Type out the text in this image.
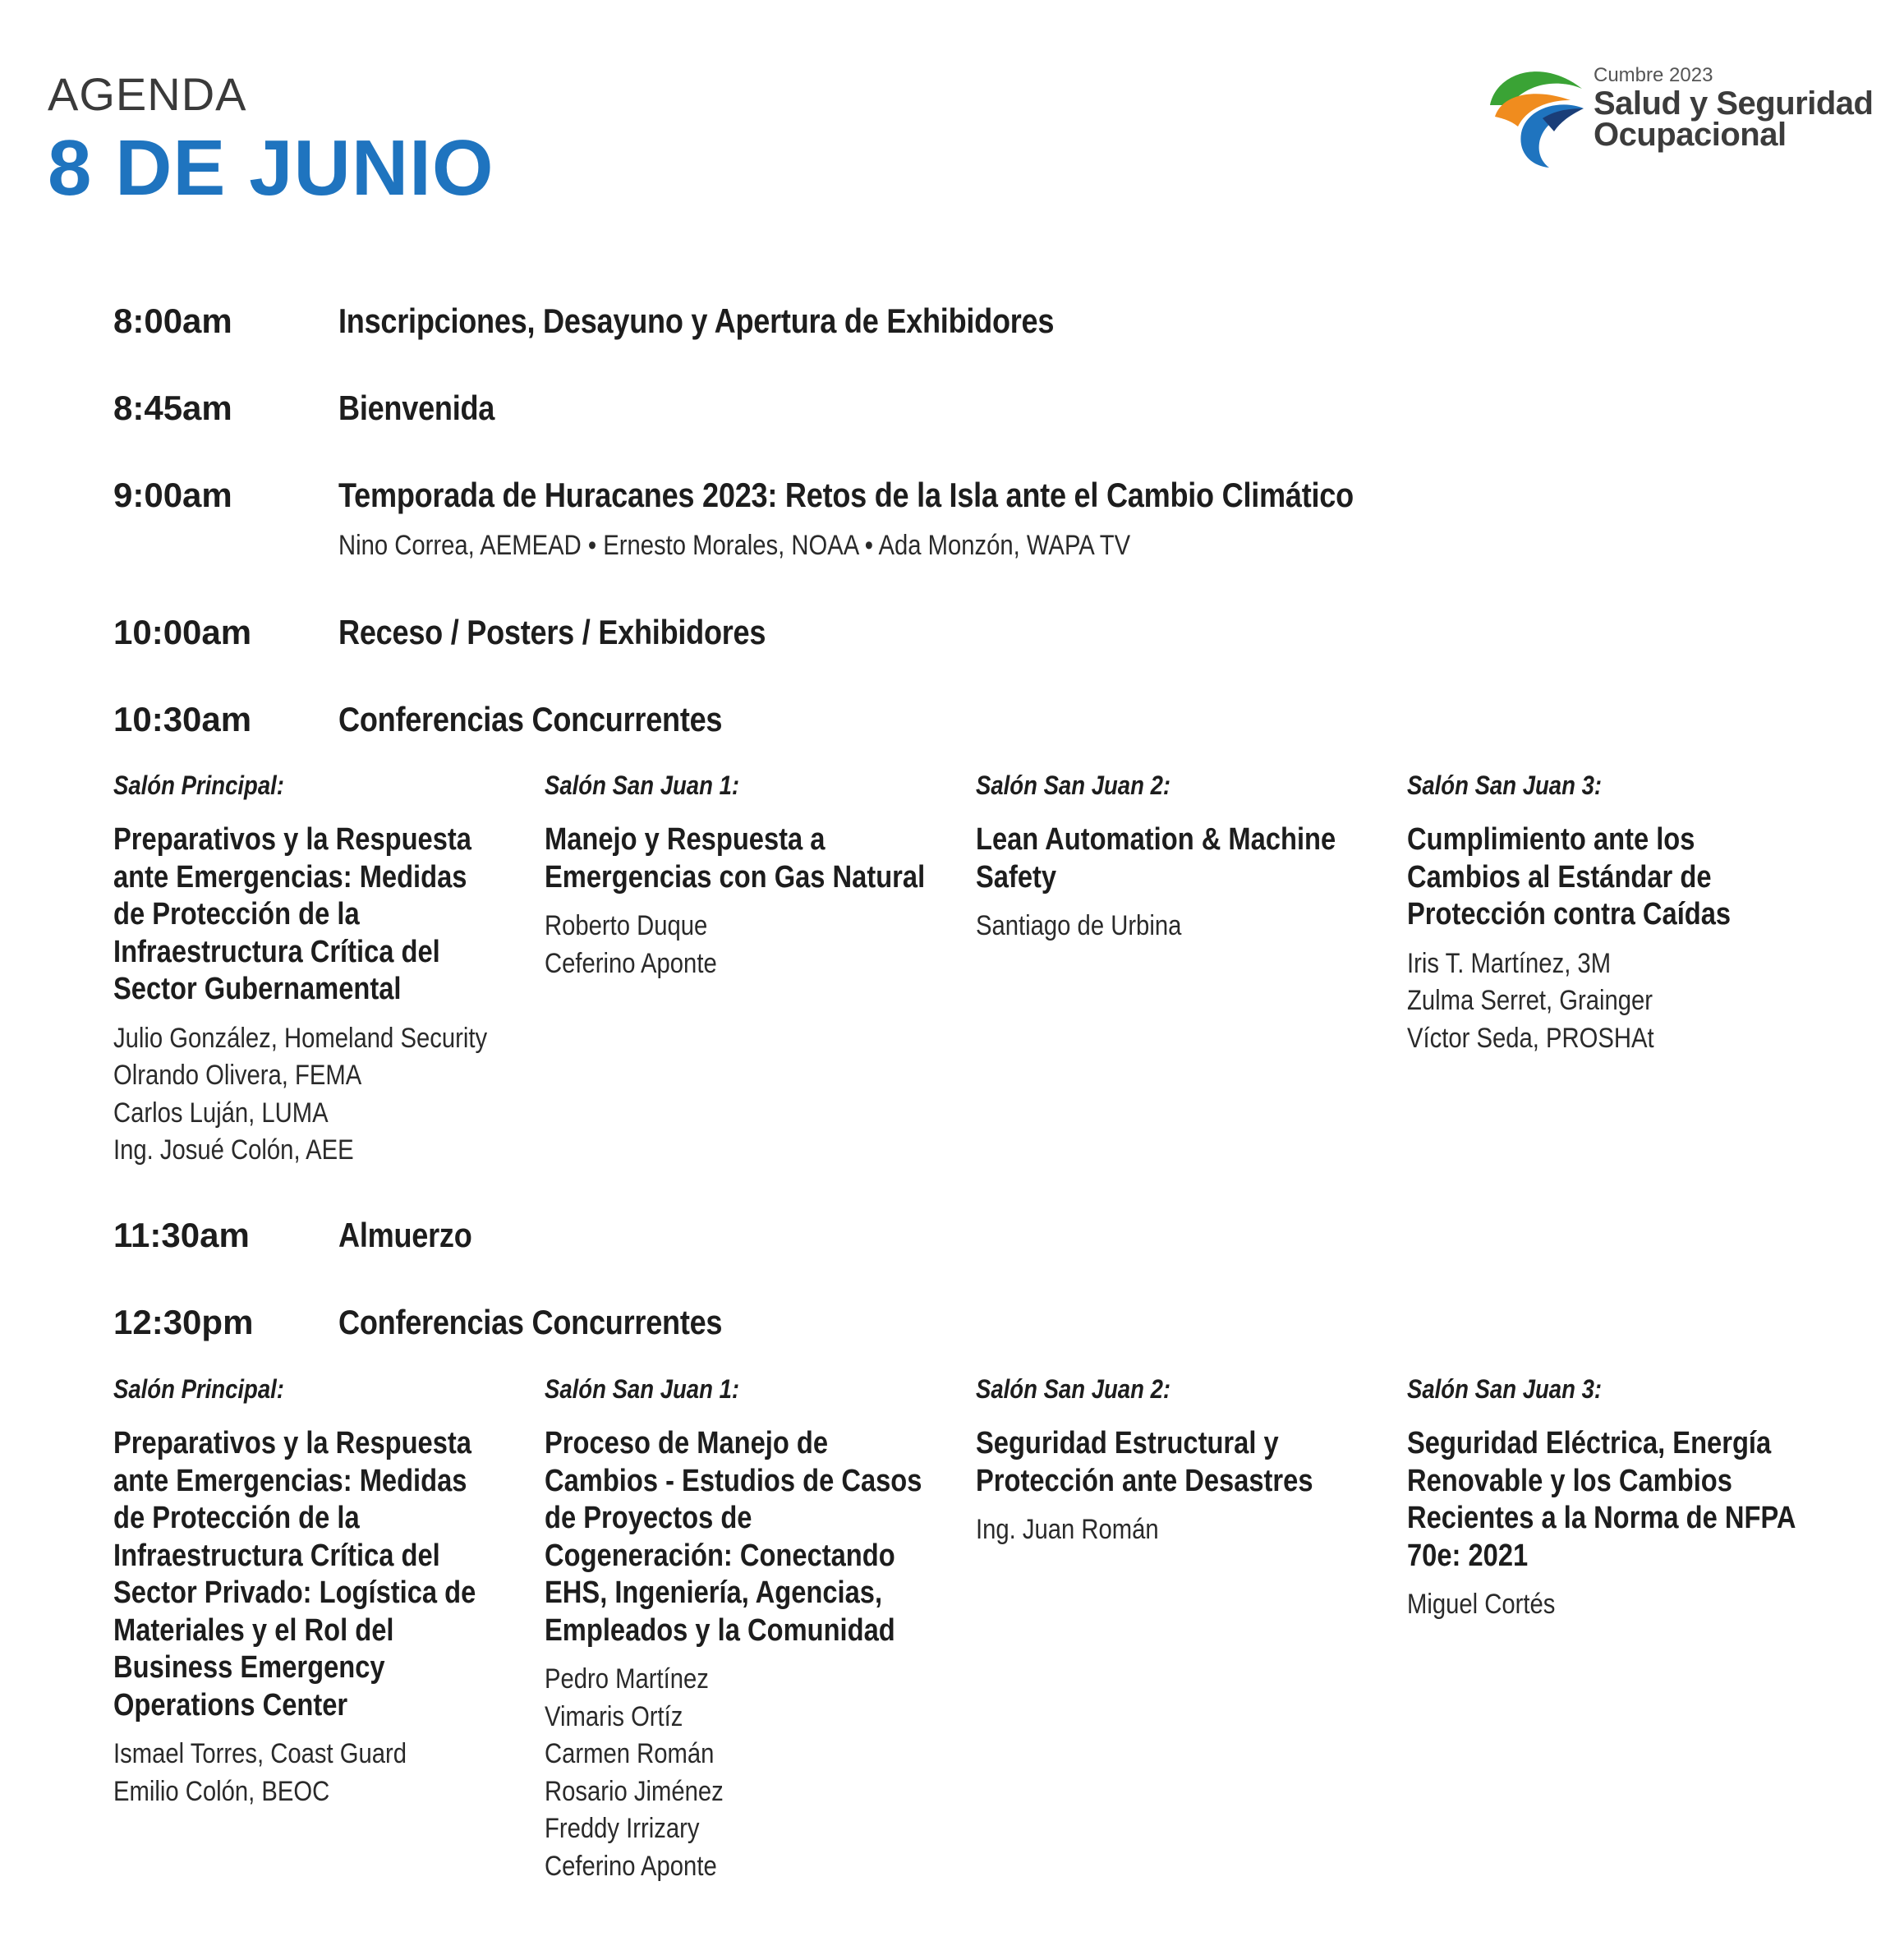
AGENDA
8 DE JUNIO
Cumbre 2023
Salud y Seguridad
Ocupacional
8:00am	Inscripciones, Desayuno y Apertura de Exhibidores
8:45am	Bienvenida
9:00am	Temporada de Huracanes 2023: Retos de la Isla ante el Cambio Climático
Nino Correa, AEMEAD • Ernesto Morales, NOAA • Ada Monzón, WAPA TV
10:00am	Receso / Posters / Exhibidores
10:30am	Conferencias Concurrentes
Salón Principal:
Preparativos y la Respuesta
ante Emergencias: Medidas
de Protección de la
Infraestructura Crítica del
Sector Gubernamental
Julio González, Homeland Security
Olrando Olivera, FEMA
Carlos Luján, LUMA
Ing. Josué Colón, AEE
Salón San Juan 1:
Manejo y Respuesta a
Emergencias con Gas Natural
Roberto Duque
Ceferino Aponte
Salón San Juan 2:
Lean Automation & Machine
Safety
Santiago de Urbina
Salón San Juan 3:
Cumplimiento ante los
Cambios al Estándar de
Protección contra Caídas
Iris T. Martínez, 3M
Zulma Serret, Grainger
Víctor Seda, PROSHAt
11:30am	Almuerzo
12:30pm Conferencias Concurrentes
Salón Principal:
Preparativos y la Respuesta
ante Emergencias: Medidas
de Protección de la
Infraestructura Crítica del
Sector Privado: Logística de
Materiales y el Rol del
Business Emergency
Operations Center
Ismael Torres, Coast Guard
Emilio Colón, BEOC
Salón San Juan 1:
Proceso de Manejo de
Cambios - Estudios de Casos
de Proyectos de
Cogeneración: Conectando
EHS, Ingeniería, Agencias,
Empleados y la Comunidad
Pedro Martínez
Vimaris Ortíz
Carmen Román
Rosario Jiménez
Freddy Irrizary
Ceferino Aponte
Salón San Juan 2:
Seguridad Estructural y
Protección ante Desastres
Ing. Juan Román
Salón San Juan 3:
Seguridad Eléctrica, Energía
Renovable y los Cambios
Recientes a la Norma de NFPA
70e: 2021
Miguel Cortés
